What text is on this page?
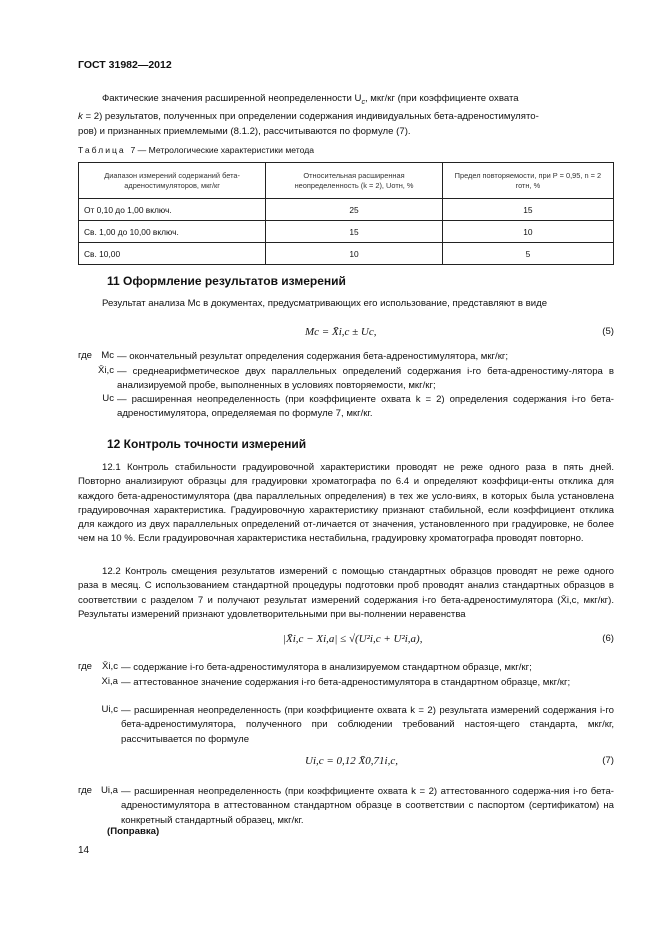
ГОСТ 31982—2012

Фактические значения расширенной неопределенности $U_c$, мкг/кг (при коэффициенте охвата
k = 2) результатов, полученных при определении содержания индивидуальных бета-адреностимулято-
ров) и признанных приемлемыми (8.1.2), рассчитываются по формуле (7).

Таблица 7 — Метрологические характеристики метода
Диапазон измерений содержаний бета-адреностимуляторов, мкг/кг	Относительная расширенная неопределенность (k = 2), Uотн, %	Предел повторяемости, при P = 0,95, n = 2 rотн, %
От 0,10 до 1,00 включ.	25	15
Св. 1,00 до 10,00 включ.	15	10
Св. 10,00	10	5
11 Оформление результатов измерений

Результат анализа Mc в документах, предусматривающих его использование, представляют в виде

Mc = X̄i,c ± Uc,	(5)
где Mc — окончательный результат определения содержания бета-адреностимулятора, мкг/кг;
X̄i,c — среднеарифметическое двух параллельных определений содержания i-го бета-адреностиму-лятора в анализируемой пробе, выполненных в условиях повторяемости, мкг/кг;
Uc — расширенная неопределенность (при коэффициенте охвата k = 2) определения содержания i-го бета-адреностимулятора, определяемая по формуле 7, мкг/кг.
12 Контроль точности измерений

12.1 Контроль стабильности градуировочной характеристики проводят не реже одного раза в пять дней. Повторно анализируют образцы для градуировки хроматографа по 6.4 и определяют коэффици-енты отклика для каждого бета-адреностимулятора (два параллельных определения) в тех же усло-виях, в которых была установлена градуировочная характеристика. Градуировочную характеристику признают стабильной, если коэффициент отклика для каждого из двух параллельных определений от-личается от значения, установленного при градуировке, не более чем на 10 %. Если градуировочная характеристика нестабильна, градуировку хроматографа проводят повторно.

12.2 Контроль смещения результатов измерений с помощью стандартных образцов проводят не реже одного раза в месяц. С использованием стандартной процедуры подготовки проб проводят анализ стандартных образцов в соответствии с разделом 7 и получают результат измерений содержания i-го бета-адреностимулятора (X̄i,c, мкг/кг). Результаты измерений признают удовлетворительными при вы-полнении неравенства

|X̄i,c − Xi,a| ≤ √(U²i,c + U²i,a),	(6)
где	X̄i,c — содержание i-го бета-адреностимулятора в анализируемом стандартном образце, мкг/кг;
Xi,a — аттестованное значение содержания i-го бета-адреностимулятора в стандартном образце, мкг/кг;
Ui,c — расширенная неопределенность (при коэффициенте охвата k = 2) результата измерений содержания i-го бета-адреностимулятора, полученного при соблюдении требований настоя-щего стандарта, мкг/кг, рассчитывается по формуле
Ui,c = 0,12 X̄0,71i,c,	(7)
где Ui,a — расширенная неопределенность (при коэффициенте охвата k = 2) аттестованного содержа-ния i-го бета-адреностимулятора в аттестованном стандартном образце в соответствии с паспортом (сертификатом) на конкретный стандартный образец, мкг/кг.
(Поправка)
14
